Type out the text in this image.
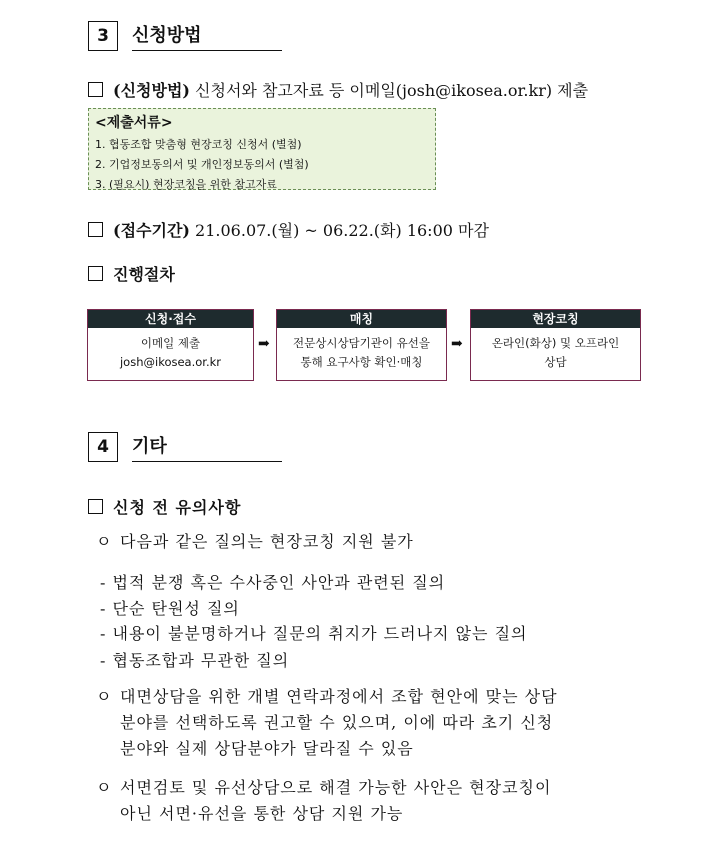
3	신청방법
(신청방법) 신청서와 참고자료 등 이메일(josh@ikosea.or.kr) 제출
<제출서류>
1. 협동조합 맞춤형 현장코칭 신청서 (별첨)
2. 기업정보동의서 및 개인정보동의서 (별첨)
3. (필요시) 현장코칭을 위한 참고자료
(접수기간) 21.06.07.(월) ~ 06.22.(화) 16:00 마감
진행절차
신청·접수
이메일 제출
josh@ikosea.or.kr
➡
매칭
전문상시상담기관이 유선을
통해 요구사항 확인·매칭
➡
현장코칭
온라인(화상) 및 오프라인
상담
4	기타
신청 전 유의사항
ㅇ 다음과 같은 질의는 현장코칭 지원 불가
- 법적 분쟁 혹은 수사중인 사안과 관련된 질의
- 단순 탄원성 질의
- 내용이 불분명하거나 질문의 취지가 드러나지 않는 질의
- 협동조합과 무관한 질의
ㅇ 대면상담을 위한 개별 연락과정에서 조합 현안에 맞는 상담
분야를 선택하도록 권고할 수 있으며, 이에 따라 초기 신청
분야와 실제 상담분야가 달라질 수 있음
ㅇ 서면검토 및 유선상담으로 해결 가능한 사안은 현장코칭이
아닌 서면·유선을 통한 상담 지원 가능
